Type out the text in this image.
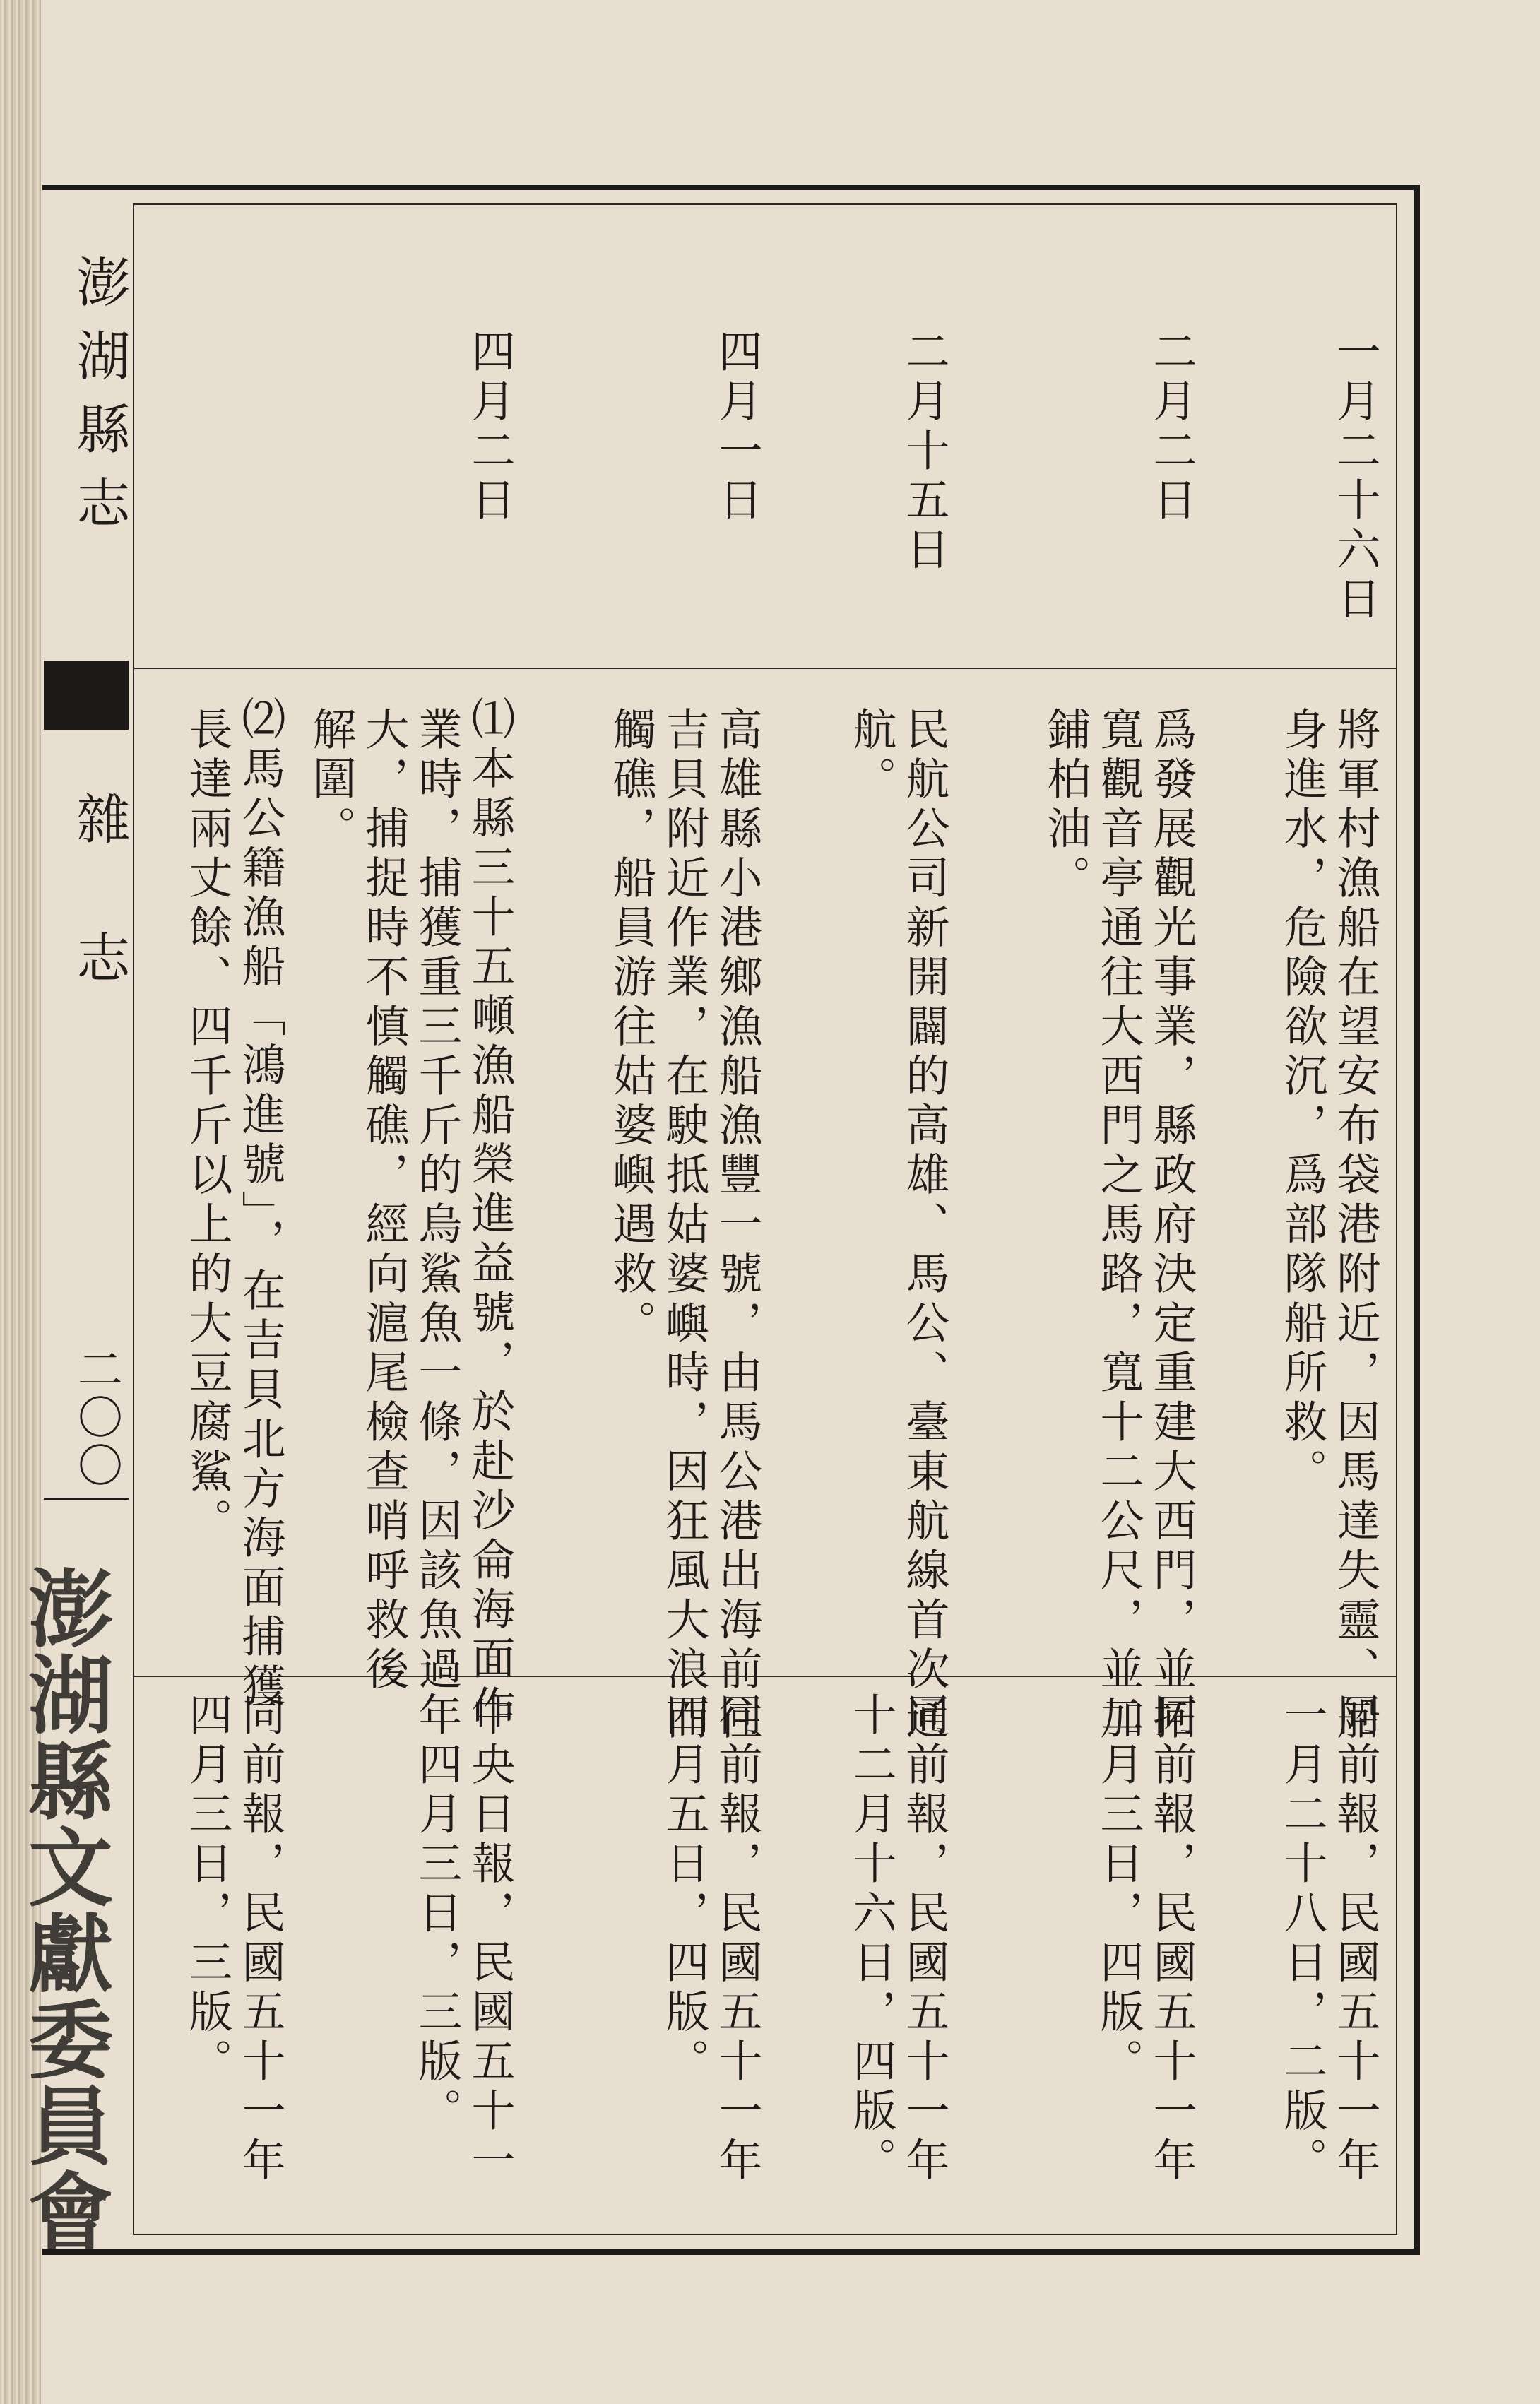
澎湖縣志
雜志
二〇〇
澎湖縣文獻委員會
一月二十六日
將軍村漁船在望安布袋港附近，因馬達失靈、船
身進水，危險欲沉，爲部隊船所救。
同前報，民國五十一年
一月二十八日，二版。
二月二日
爲發展觀光事業，縣政府決定重建大西門，並拓
寬觀音亭通往大西門之馬路，寬十二公尺，並加
鋪柏油。
同前報，民國五十一年
二月三日，四版。
二月十五日
民航公司新開闢的高雄、馬公、臺東航線首次通
航。
同前報，民國五十一年
十二月十六日，四版。
四月一日
高雄縣小港鄉漁船漁豐一號，由馬公港出海前往
吉貝附近作業，在駛抵姑婆嶼時，因狂風大浪而
觸礁，船員游往姑婆嶼遇救。
同前報，民國五十一年
四月五日，四版。
四月二日
⑴本縣三十五噸漁船榮進益號，於赴沙侖海面作
業時，捕獲重三千斤的烏鯊魚一條，因該魚過
大，捕捉時不慎觸礁，經向滬尾檢查哨呼救後
解圍。
⑵馬公籍漁船「鴻進號」，在吉貝北方海面捕獲
長達兩丈餘、四千斤以上的大豆腐鯊。
中央日報，民國五十一
年四月三日，三版。
同前報，民國五十一年
四月三日，三版。
